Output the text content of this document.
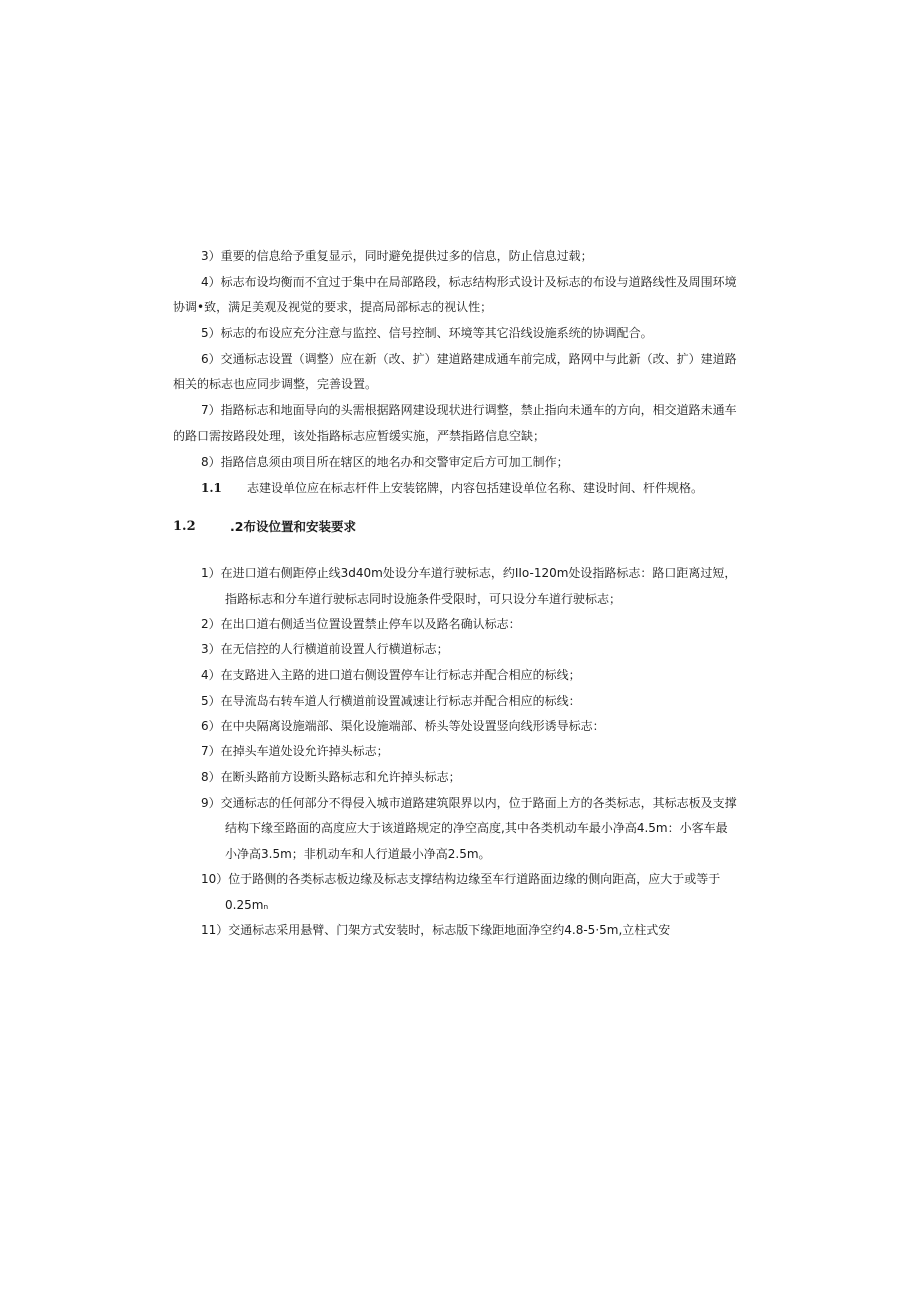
3）重要的信息给予重复显示，同时避免提供过多的信息，防止信息过载；
4）标志布设均衡而不宜过于集中在局部路段，标志结构形式设计及标志的布设与道路线性及周围环境
协调•致，满足美观及视觉的要求，提高局部标志的视认性；
5）标志的布设应充分注意与监控、信号控制、环境等其它沿线设施系统的协调配合。
6）交通标志设置（调整）应在新（改、扩）建道路建成通车前完成，路网中与此新（改、扩）建道路
相关的标志也应同步调整，完善设置。
7）指路标志和地面导向的头需根据路网建设现状进行调整，禁止指向未通车的方向，相交道路未通车
的路口需按路段处理，该处指路标志应暂缓实施，严禁指路信息空缺；
8）指路信息须由项目所在辖区的地名办和交警审定后方可加工制作；
1.1 志建设单位应在标志杆件上安装铭牌，内容包括建设单位名称、建设时间、杆件规格。
1.2	.2布设位置和安装要求
1）在进口道右侧距停止线3d40m处设分车道行驶标志，约IIo-120m处设指路标志：路口距离过短，
指路标志和分车道行驶标志同时设施条件受限时，可只设分车道行驶标志；
2）在出口道右侧适当位置设置禁止停车以及路名确认标志：
3）在无信控的人行横道前设置人行横道标志；
4）在支路进入主路的进口道右侧设置停车让行标志并配合相应的标线；
5）在导流岛右转车道人行横道前设置减速让行标志并配合相应的标线：
6）在中央隔离设施端部、渠化设施端部、桥头等处设置竖向线形诱导标志：
7）在掉头车道处设允许掉头标志；
8）在断头路前方设断头路标志和允许掉头标志；
9）交通标志的任何部分不得侵入城市道路建筑限界以内，位于路面上方的各类标志，其标志板及支撑
结构下缘至路面的高度应大于该道路规定的净空高度,其中各类机动车最小净高4.5m：小客车最
小净高3.5m；非机动车和人行道最小净高2.5m。
10）位于路侧的各类标志板边缘及标志支撑结构边缘至车行道路面边缘的侧向距高，应大于或等于
0.25mₙ
11）交通标志采用悬臂、门架方式安装时，标志版下缘距地面净空约4.8-5·5m,立柱式安
